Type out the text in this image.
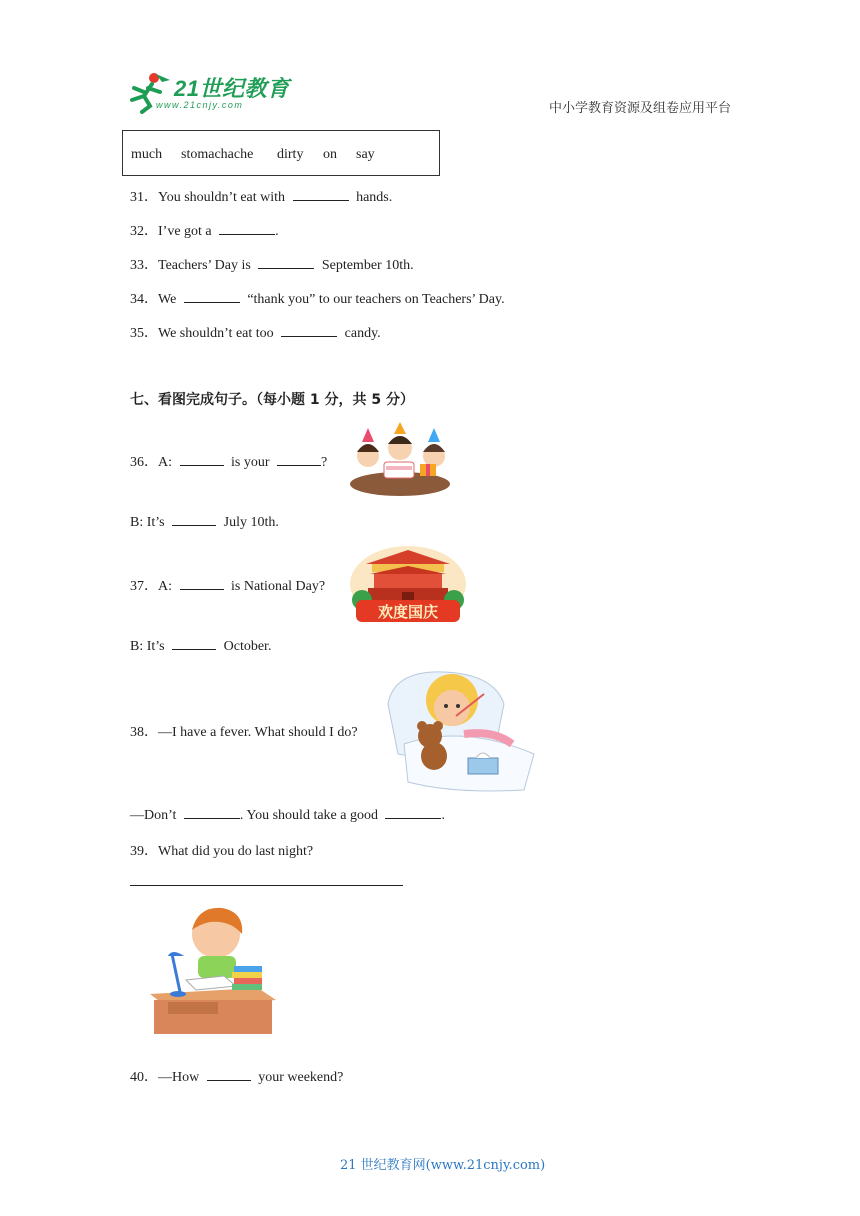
21世纪教育
www.21cnjy.com	中小学教育资源及组卷应用平台
much stomachache dirty on say
31．You shouldn’t eat with	hands.
32．I’ve got a	.
33．Teachers’ Day is	September 10th.
34．We	“thank you” to our teachers on Teachers’ Day.
35．We shouldn’t eat too	candy.
七、看图完成句子。（每小题 1 分，共 5 分）
36．A:	is your	?
B: It’s	July 10th.
37．A:	is National Day?
欢度国庆
B: It’s	October.
38．—I have a fever. What should I do?
—Don’t	. You should take a good	.
39．What did you do last night?
40．—How	your weekend?
21 世纪教育网(www.21cnjy.com)
